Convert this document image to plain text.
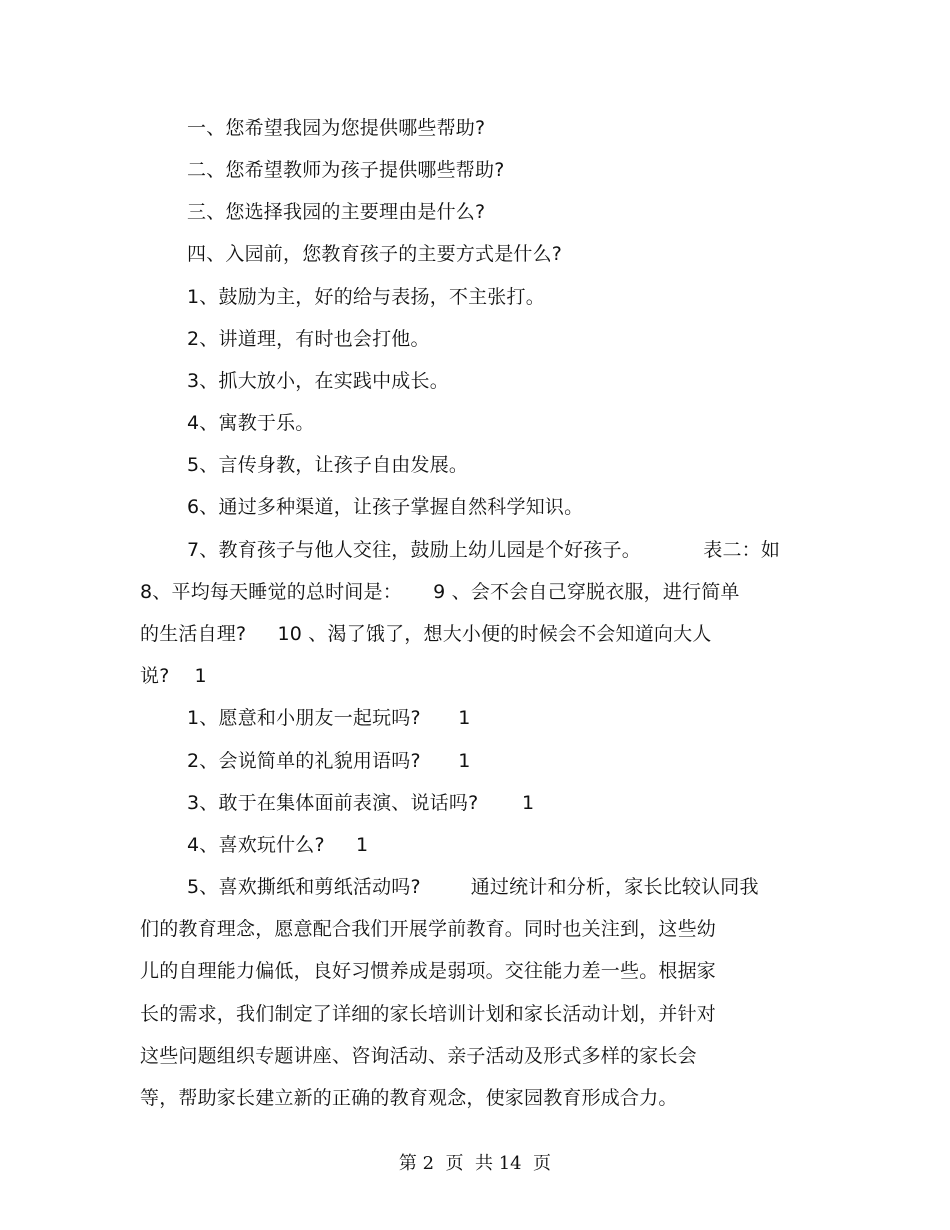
一、您希望我园为您提供哪些帮助?
二、您希望教师为孩子提供哪些帮助?
三、您选择我园的主要理由是什么?
四、入园前，您教育孩子的主要方式是什么?
1、鼓励为主，好的给与表扬，不主张打。
2、讲道理，有时也会打他。
3、抓大放小，在实践中成长。
4、寓教于乐。
5、言传身教，让孩子自由发展。
6、通过多种渠道，让孩子掌握自然科学知识。
7、教育孩子与他人交往，鼓励上幼儿园是个好孩子。          表二：如
8、平均每天睡觉的总时间是：     9 、会不会自己穿脱衣服，进行简单
的生活自理?     10 、渴了饿了，想大小便的时候会不会知道向大人
说?    1
1、愿意和小朋友一起玩吗?      1
2、会说简单的礼貌用语吗?      1
3、敢于在集体面前表演、说话吗?       1
4、喜欢玩什么?     1
5、喜欢撕纸和剪纸活动吗?        通过统计和分析，家长比较认同我
们的教育理念，愿意配合我们开展学前教育。同时也关注到，这些幼
儿的自理能力偏低，良好习惯养成是弱项。交往能力差一些。根据家
长的需求，我们制定了详细的家长培训计划和家长活动计划，并针对
这些问题组织专题讲座、咨询活动、亲子活动及形式多样的家长会
等，帮助家长建立新的正确的教育观念，使家园教育形成合力。
第 2  页  共 14  页
